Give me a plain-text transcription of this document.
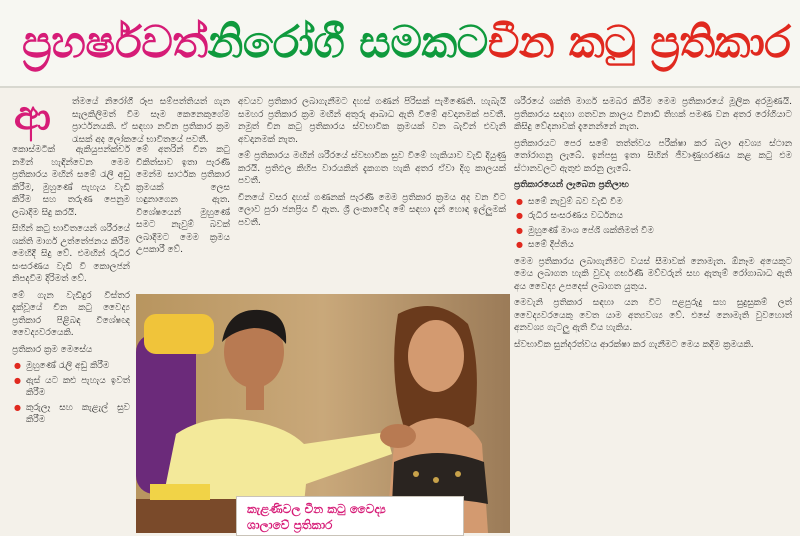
ප්‍රහර්ෂවත් නිරෝගී සමකට චීන කටු ප්‍රතිකාර
ආ	ත්මයේ නිරෝගී රූප සම්පත්තියත් ගැන සැලකිලිමත් වීම සෑම කෙනෙකුගේම ප්‍රාර්ථනයකි. ඒ සඳහා නවීන ප්‍රතිකාර ක්‍රම රැසක් අද ලෝකයේ භාවිතයේ පවතී.

මේ අතරින් චීන කටු චිකිත්සාව ඉතා පැරණි මෙන්ම සාර්ථක ප්‍රතිකාර ක්‍රමයක් ලෙස හඳුනාගෙන ඇත. විශේෂයෙන් මුහුණේ සමට නැවුම් බවක් ලබාදීමට මෙම ක්‍රමය උපකාරී වේ.

කොස්මටික් ඇකියුපන්ක්චර් නමින් හැඳින්වෙන මෙම ප්‍රතිකාරය මඟින් සමේ රැලි අඩු කිරීම, මුහුණේ පැහැය වැඩි කිරීම සහ තරුණ පෙනුම ලබාදීම සිදු කරයි.

සිහින් කටු භාවිතයෙන් ශරීරයේ ශක්ති මාර්ග උත්තේජනය කිරීම මෙහිදී සිදු වේ. එමඟින් රුධිර සංසරණය වැඩි වී කොලජන් නිපදවීම දිරිමත් වේ.

මේ ගැන වැඩිදුර විස්තර දැක්වූයේ චීන කටු වෛද්‍ය ප්‍රතිකාර පිළිබඳ විශේෂඥ වෛද්‍යවරයෙකි.

ප්‍රතිකාර ක්‍රම මෙසේය

● මුහුණේ රැලි අඩු කිරීම
● ඇස් යට කළු පැහැය ඉවත් කිරීම
● කුරුලෑ සහ කැළැල් සුව කිරීම

අවයව ප්‍රතිකාර ලබාගැනීමට දහස් ගණන් පිරිසක් පැමිණෙති. හැබැයි සමහර ප්‍රතිකාර ක්‍රම මඟින් අතුරු ආබාධ ඇති වීමේ අවදානමක් පවතී. නමුත් චීන කටු ප්‍රතිකාරය ස්වභාවික ක්‍රමයක් වන බැවින් එවැනි අවදානමක් නැත.

මේ ප්‍රතිකාරය මඟින් ශරීරයේ ස්වභාවික සුව වීමේ හැකියාව වැඩි දියුණු කරයි. ප්‍රතිඵල කිහිප වාරයකින් දැකගත හැකි අතර ඒවා දිගු කාලයක් පවතී.

චීනයේ වසර දහස් ගණනක් පැරණි මෙම ප්‍රතිකාර ක්‍රමය අද වන විට ලොව පුරා ජනප්‍රිය වී ඇත. ශ්‍රී ලංකාවේද මේ සඳහා දැන් හොඳ ඉල්ලුමක් පවතී.

ශරීරයේ ශක්ති මාර්ග සමබර කිරීම මෙම ප්‍රතිකාරයේ මූලික අරමුණයි. ප්‍රතිකාරය සඳහා ගතවන කාලය විනාඩි තිහක් පමණ වන අතර රෝගියාට කිසිදු වේදනාවක් දැනෙන්නේ නැත.

ප්‍රතිකාරයට පෙර සමේ තත්ත්වය පරීක්ෂා කර බලා අවශ්‍ය ස්ථාන තෝරාගනු ලැබේ. ඉන්පසු ඉතා සිහින් ජීවාණුහරණය කළ කටු එම ස්ථානවලට ඇතුළු කරනු ලැබේ.

ප්‍රතිකාරයෙන් ලැබෙන ප්‍රතිලාභ

● සමේ නැවුම් බව වැඩි වීම
● රුධිර සංසරණය වර්ධනය
● මුහුණේ මාංශ පේශි ශක්තිමත් වීම
● සමේ දීප්තිය

මෙම ප්‍රතිකාරය ලබාගැනීමට වයස් සීමාවක් නොමැත. ඕනෑම අයෙකුට මෙය ලබාගත හැකි වුවද ගර්භණී මව්වරුන් සහ ඇතැම් රෝගාබාධ ඇති අය වෛද්‍ය උපදෙස් ලබාගත යුතුය.

මෙවැනි ප්‍රතිකාර සඳහා යන විට පළපුරුදු සහ සුදුසුකම් ලත් වෛද්‍යවරයෙකු වෙත යාම අත්‍යවශ්‍ය වේ. එසේ නොමැති වුවහොත් අනවශ්‍ය ගැටලු ඇති විය හැකිය.

ස්වභාවික සුන්දරත්වය ආරක්ෂා කර ගැනීමට මෙය කදිම ක්‍රමයකි.

කැළණිවල චීන කටු වෛද්‍ය
ශාලාවේ ප්‍රතිකාර
